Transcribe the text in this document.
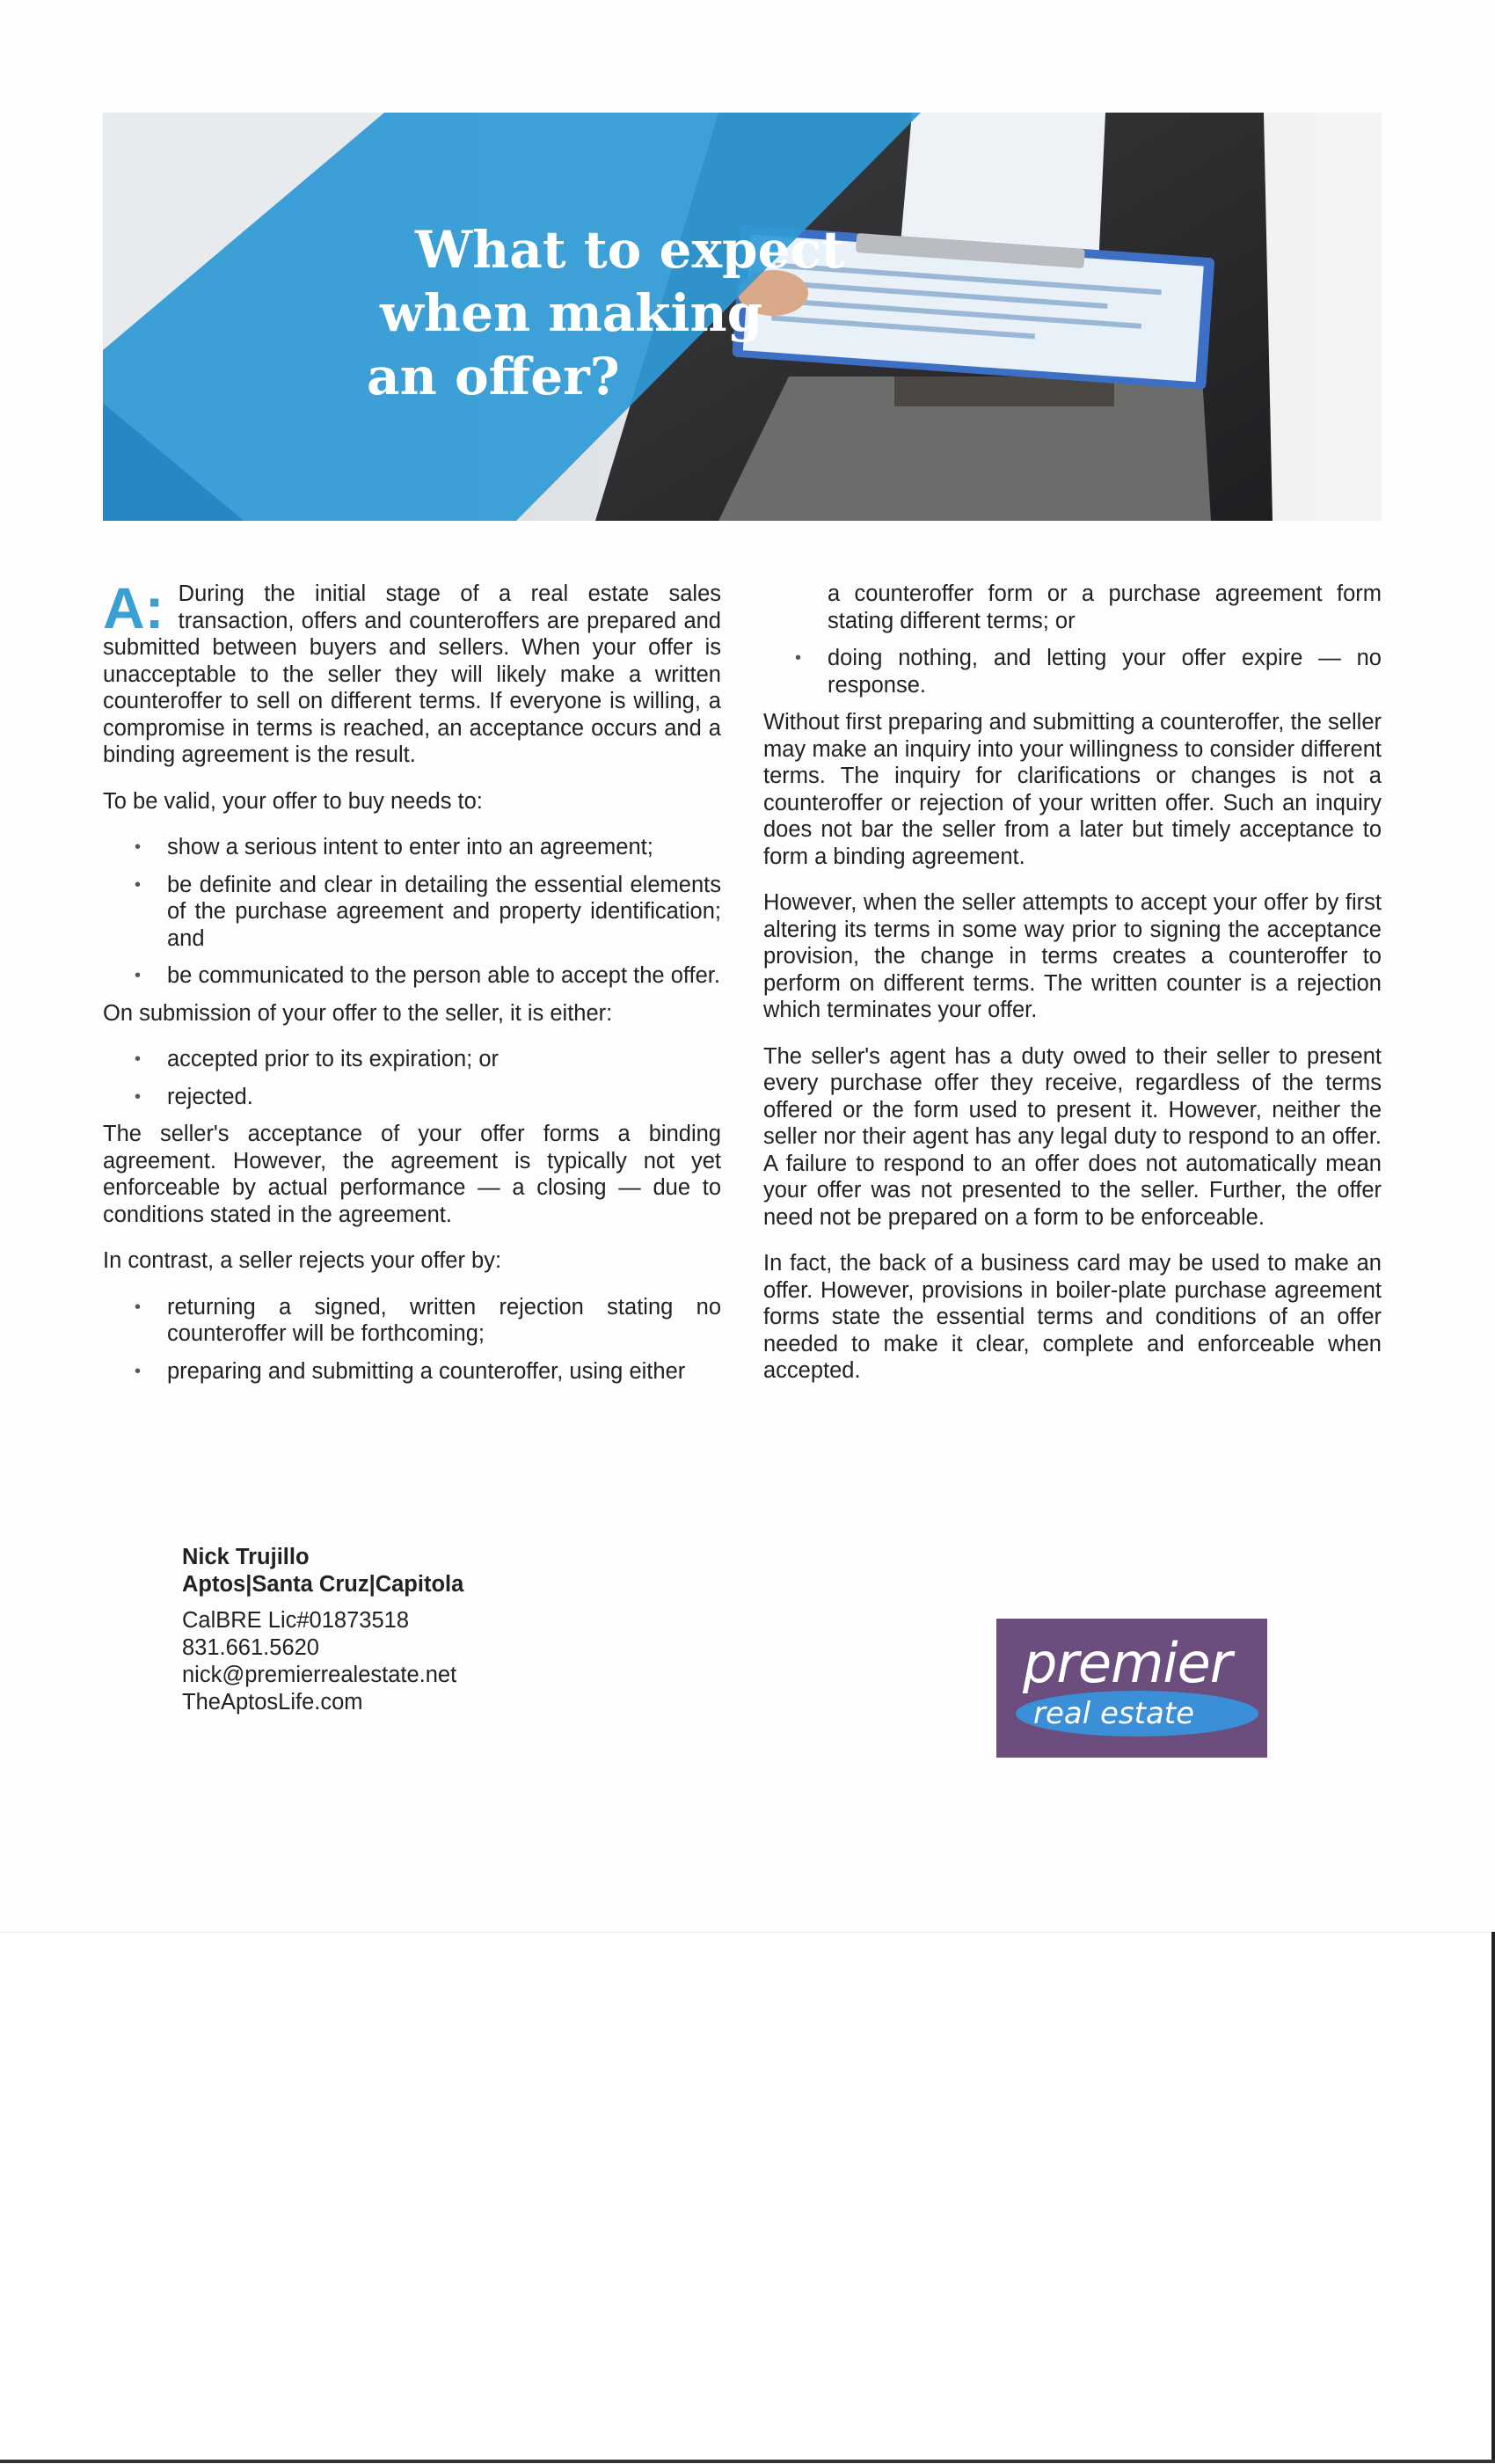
What to expect
when making
an offer?

A: During the initial stage of a real estate sales transaction, offers and counteroffers are prepared and submitted between buyers and sellers. When your offer is unacceptable to the seller they will likely make a written counteroffer to sell on different terms. If everyone is willing, a compromise in terms is reached, an acceptance occurs and a binding agreement is the result.

To be valid, your offer to buy needs to:

• show a serious intent to enter into an agreement;
• be definite and clear in detailing the essential elements of the purchase agreement and property identification; and
• be communicated to the person able to accept the offer.

On submission of your offer to the seller, it is either:

• accepted prior to its expiration; or
• rejected.

The seller's acceptance of your offer forms a binding agreement. However, the agreement is typically not yet enforceable by actual performance — a closing — due to conditions stated in the agreement.

In contrast, a seller rejects your offer by:

• returning a signed, written rejection stating no counteroffer will be forthcoming;
• preparing and submitting a counteroffer, using either
a counteroffer form or a purchase agreement form stating different terms; or
• doing nothing, and letting your offer expire — no response.

Without first preparing and submitting a counteroffer, the seller may make an inquiry into your willingness to consider different terms. The inquiry for clarifications or changes is not a counteroffer or rejection of your written offer. Such an inquiry does not bar the seller from a later but timely acceptance to form a binding agreement.

However, when the seller attempts to accept your offer by first altering its terms in some way prior to signing the acceptance provision, the change in terms creates a counteroffer to perform on different terms. The written counter is a rejection which terminates your offer.

The seller's agent has a duty owed to their seller to present every purchase offer they receive, regardless of the terms offered or the form used to present it. However, neither the seller nor their agent has any legal duty to respond to an offer. A failure to respond to an offer does not automatically mean your offer was not presented to the seller. Further, the offer need not be prepared on a form to be enforceable.

In fact, the back of a business card may be used to make an offer. However, provisions in boiler-plate purchase agreement forms state the essential terms and conditions of an offer needed to make it clear, complete and enforceable when accepted.

Nick Trujillo
Aptos|Santa Cruz|Capitola
CalBRE Lic#01873518
831.661.5620
nick@premierrealestate.net
TheAptosLife.com

premier

real estate
